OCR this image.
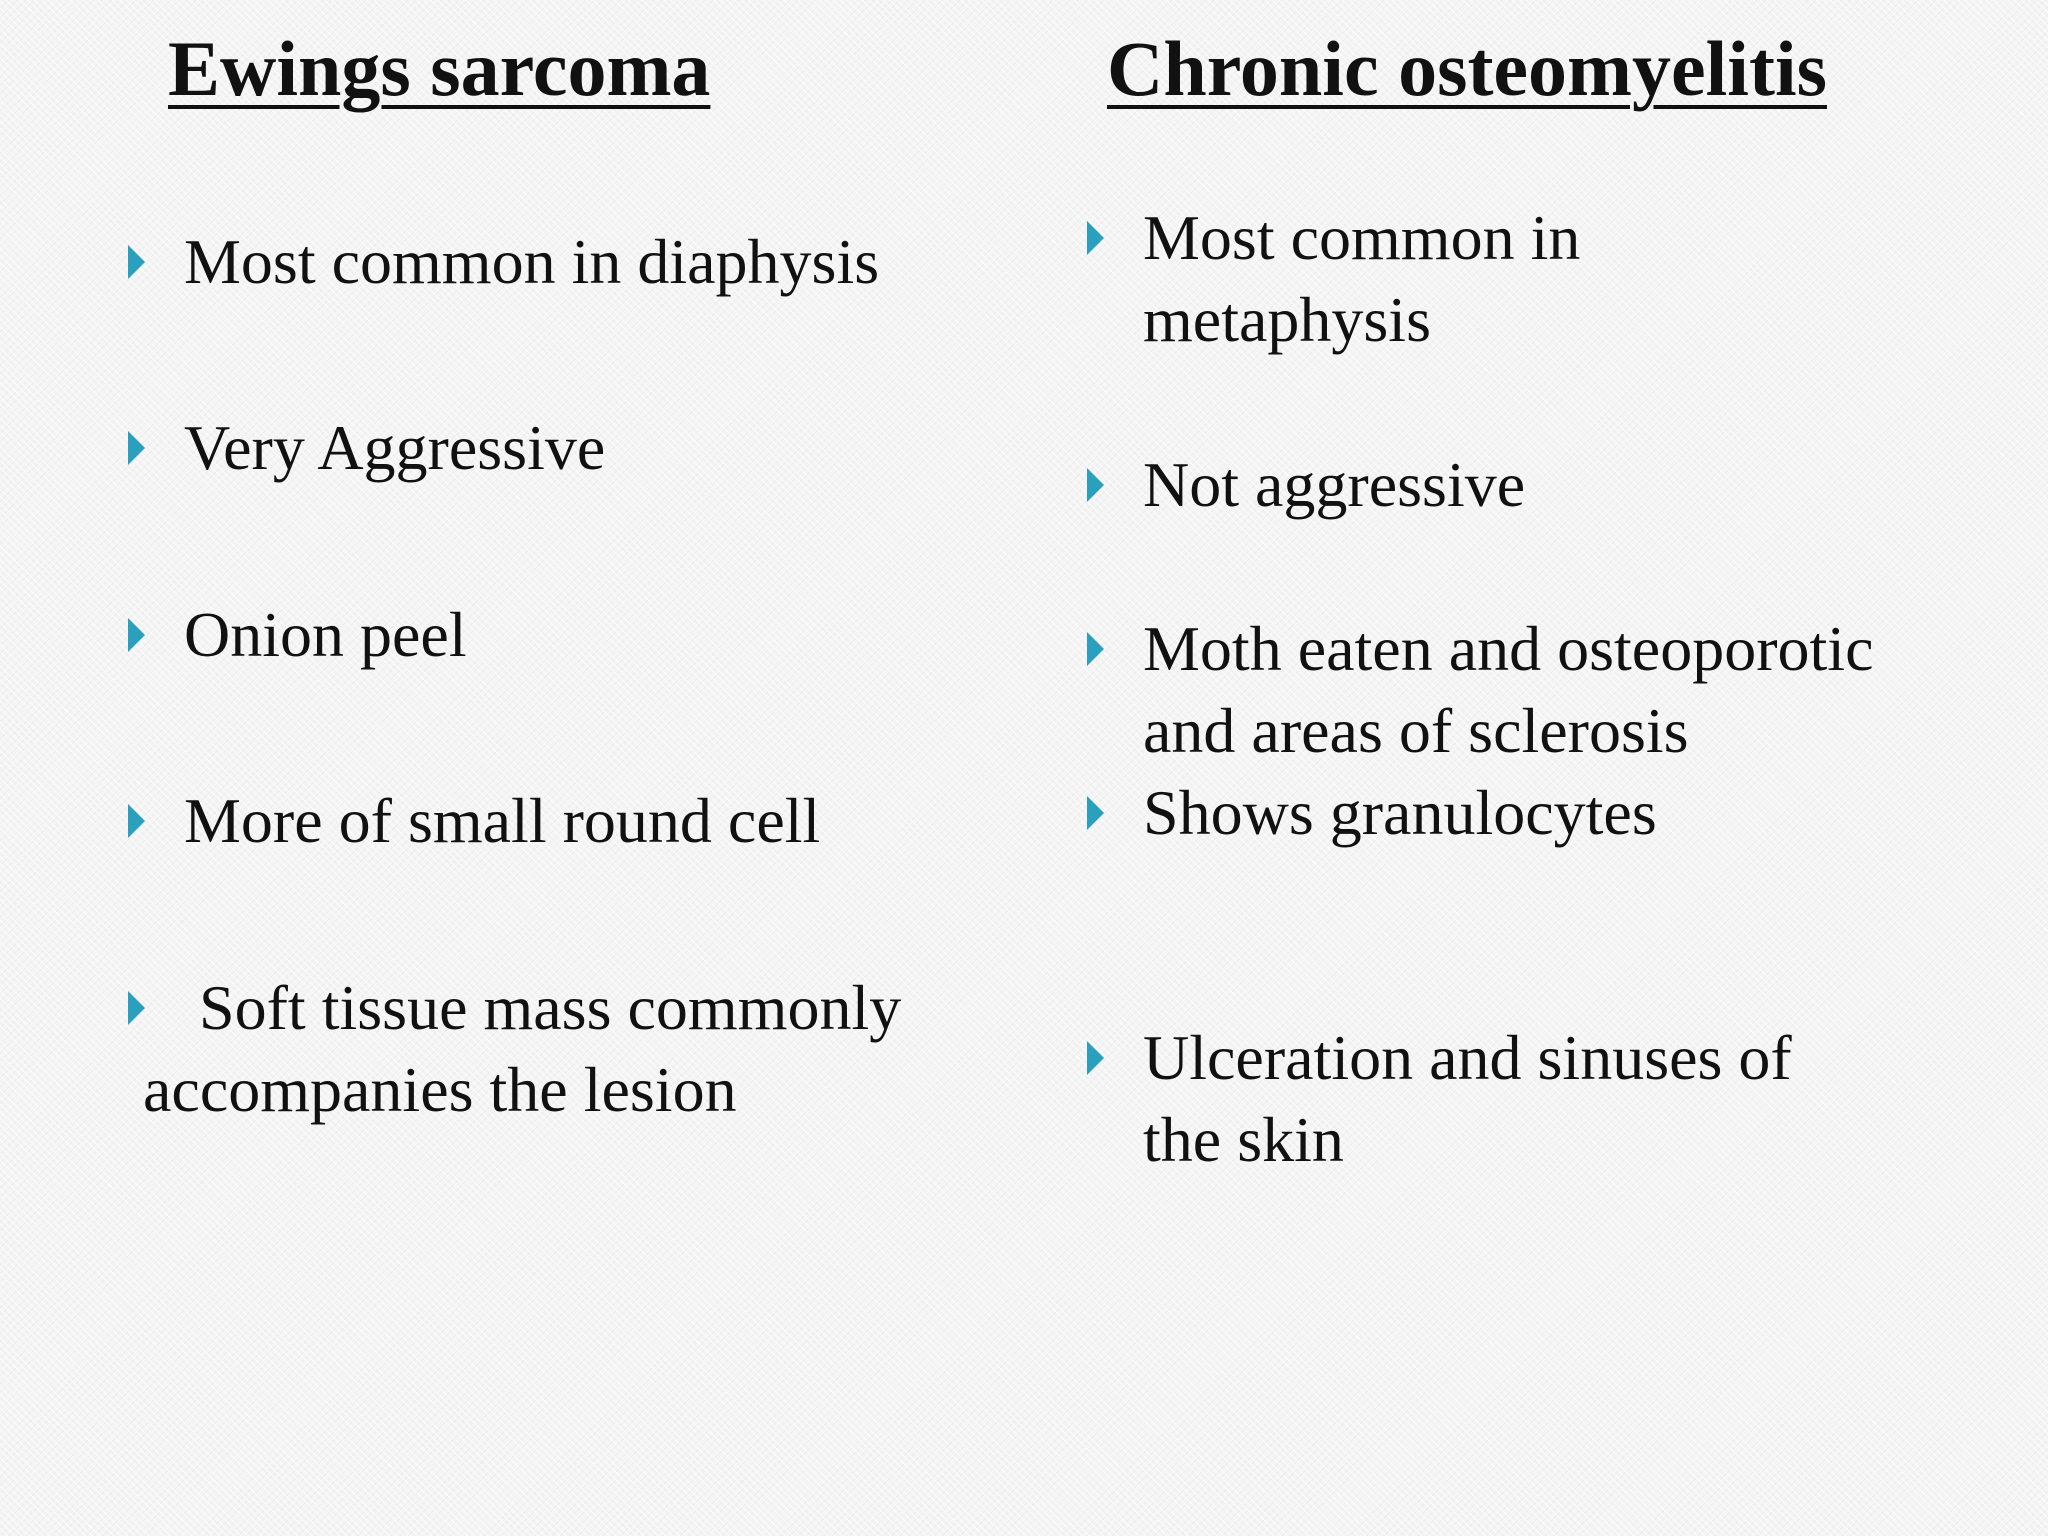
Ewings sarcoma	Chronic osteomyelitis
Most common in diaphysis
Very Aggressive
Onion peel
More of small round cell
Soft tissue mass commonly
accompanies the lesion
Most common in
metaphysis
Not aggressive
Moth eaten and osteoporotic
and areas of sclerosis
Shows granulocytes
Ulceration and sinuses of
the skin
